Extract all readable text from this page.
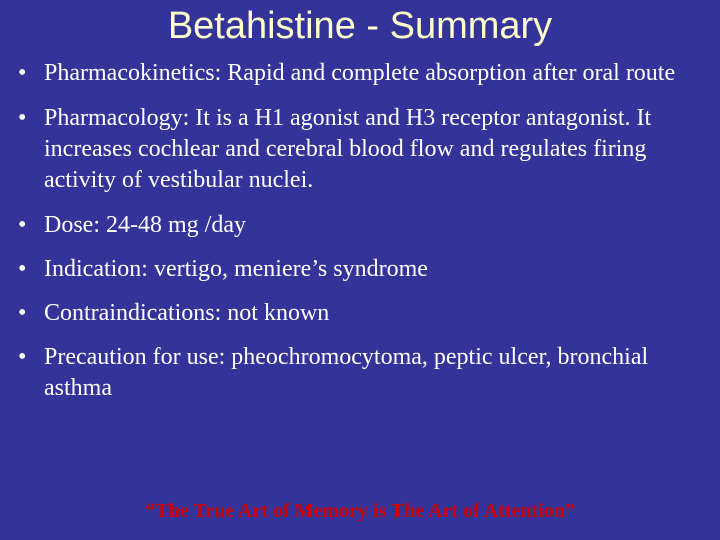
Betahistine - Summary
• Pharmacokinetics: Rapid and complete absorption after oral route
• Pharmacology: It is a H1 agonist and H3 receptor antagonist. It increases cochlear and cerebral blood flow and regulates firing activity of vestibular nuclei.
• Dose: 24-48 mg /day
• Indication: vertigo, meniere’s syndrome
• Contraindications: not known
• Precaution for use: pheochromocytoma, peptic ulcer, bronchial asthma

“The True Art of Memory is The Art of Attention”
